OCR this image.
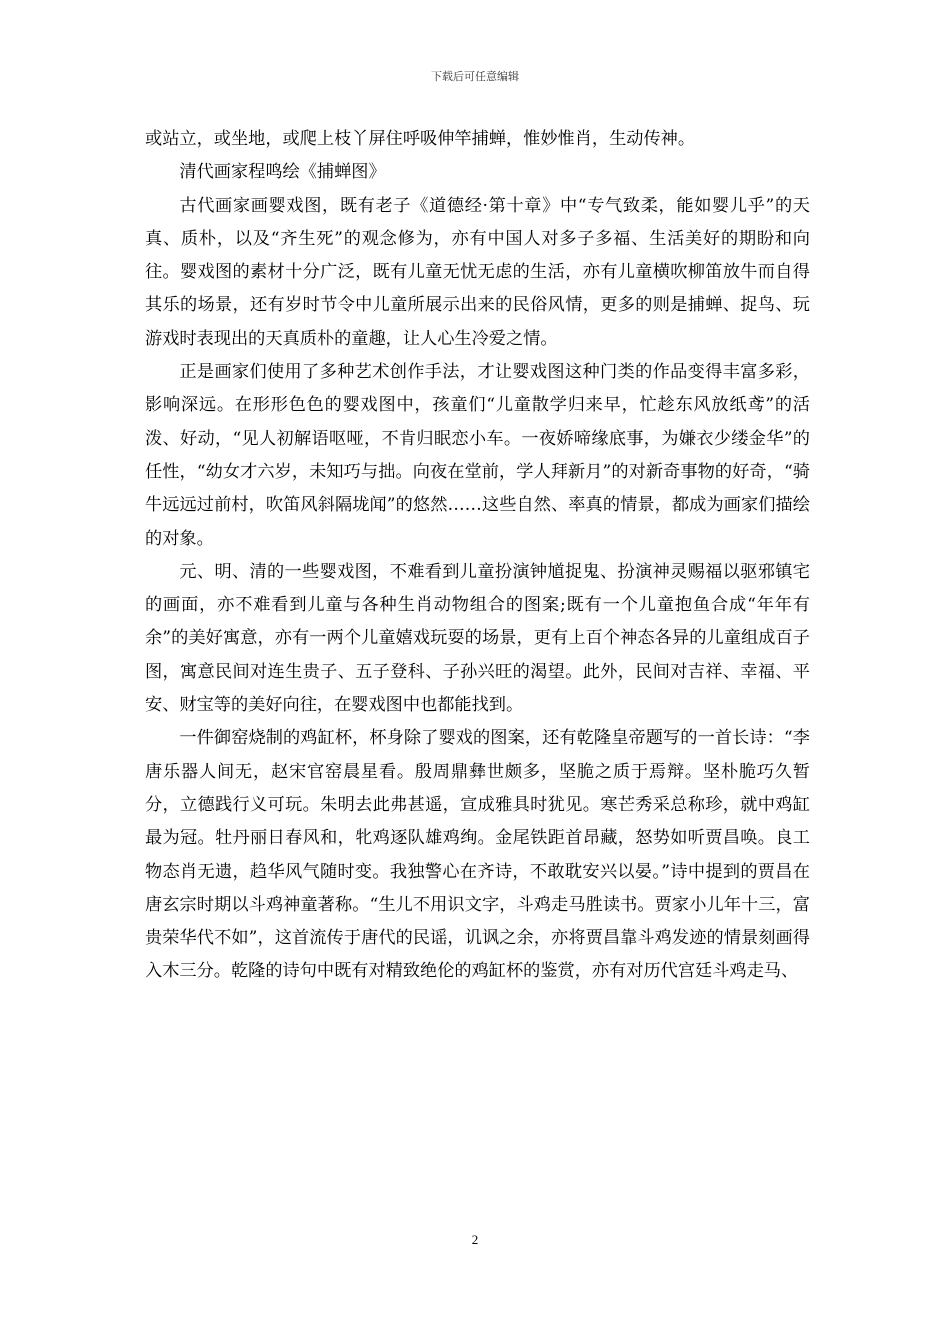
下载后可任意编辑

或站立，或坐地，或爬上枝丫屏住呼吸伸竿捕蝉，惟妙惟肖，生动传神。

清代画家程鸣绘《捕蝉图》

古代画家画婴戏图，既有老子《道德经·第十章》中“专气致柔，能如婴儿乎”的天真、质朴，以及“齐生死”的观念修为，亦有中国人对多子多福、生活美好的期盼和向往。婴戏图的素材十分广泛，既有儿童无忧无虑的生活，亦有儿童横吹柳笛放牛而自得其乐的场景，还有岁时节令中儿童所展示出来的民俗风情，更多的则是捕蝉、捉鸟、玩游戏时表现出的天真质朴的童趣，让人心生冷爱之情。

正是画家们使用了多种艺术创作手法，才让婴戏图这种门类的作品变得丰富多彩，影响深远。在形形色色的婴戏图中，孩童们“儿童散学归来早，忙趁东风放纸鸢”的活泼、好动，“见人初解语呕哑，不肯归眠恋小车。一夜娇啼缘底事，为嫌衣少缕金华”的任性，“幼女才六岁，未知巧与拙。向夜在堂前，学人拜新月”的对新奇事物的好奇，“骑牛远远过前村，吹笛风斜隔垅闻”的悠然……这些自然、率真的情景，都成为画家们描绘的对象。

元、明、清的一些婴戏图，不难看到儿童扮演钟馗捉鬼、扮演神灵赐福以驱邪镇宅的画面，亦不难看到儿童与各种生肖动物组合的图案;既有一个儿童抱鱼合成“年年有余”的美好寓意，亦有一两个儿童嬉戏玩耍的场景，更有上百个神态各异的儿童组成百子图，寓意民间对连生贵子、五子登科、子孙兴旺的渴望。此外，民间对吉祥、幸福、平安、财宝等的美好向往，在婴戏图中也都能找到。

一件御窑烧制的鸡缸杯，杯身除了婴戏的图案，还有乾隆皇帝题写的一首长诗：“李唐乐器人间无，赵宋官窑晨星看。殷周鼎彝世颇多，坚脆之质于焉辩。坚朴脆巧久暂分，立德践行义可玩。朱明去此弗甚遥，宣成雅具时犹见。寒芒秀采总称珍，就中鸡缸最为冠。牡丹丽日春风和，牝鸡逐队雄鸡绚。金尾铁距首昂藏，怒势如听贾昌唤。良工物态肖无遗，趋华风气随时变。我独警心在齐诗，不敢耽安兴以晏。”诗中提到的贾昌在唐玄宗时期以斗鸡神童著称。“生儿不用识文字，斗鸡走马胜读书。贾家小儿年十三，富贵荣华代不如”，这首流传于唐代的民谣，讥讽之余，亦将贾昌靠斗鸡发迹的情景刻画得入木三分。乾隆的诗句中既有对精致绝伦的鸡缸杯的鉴赏，亦有对历代宫廷斗鸡走马、

2
